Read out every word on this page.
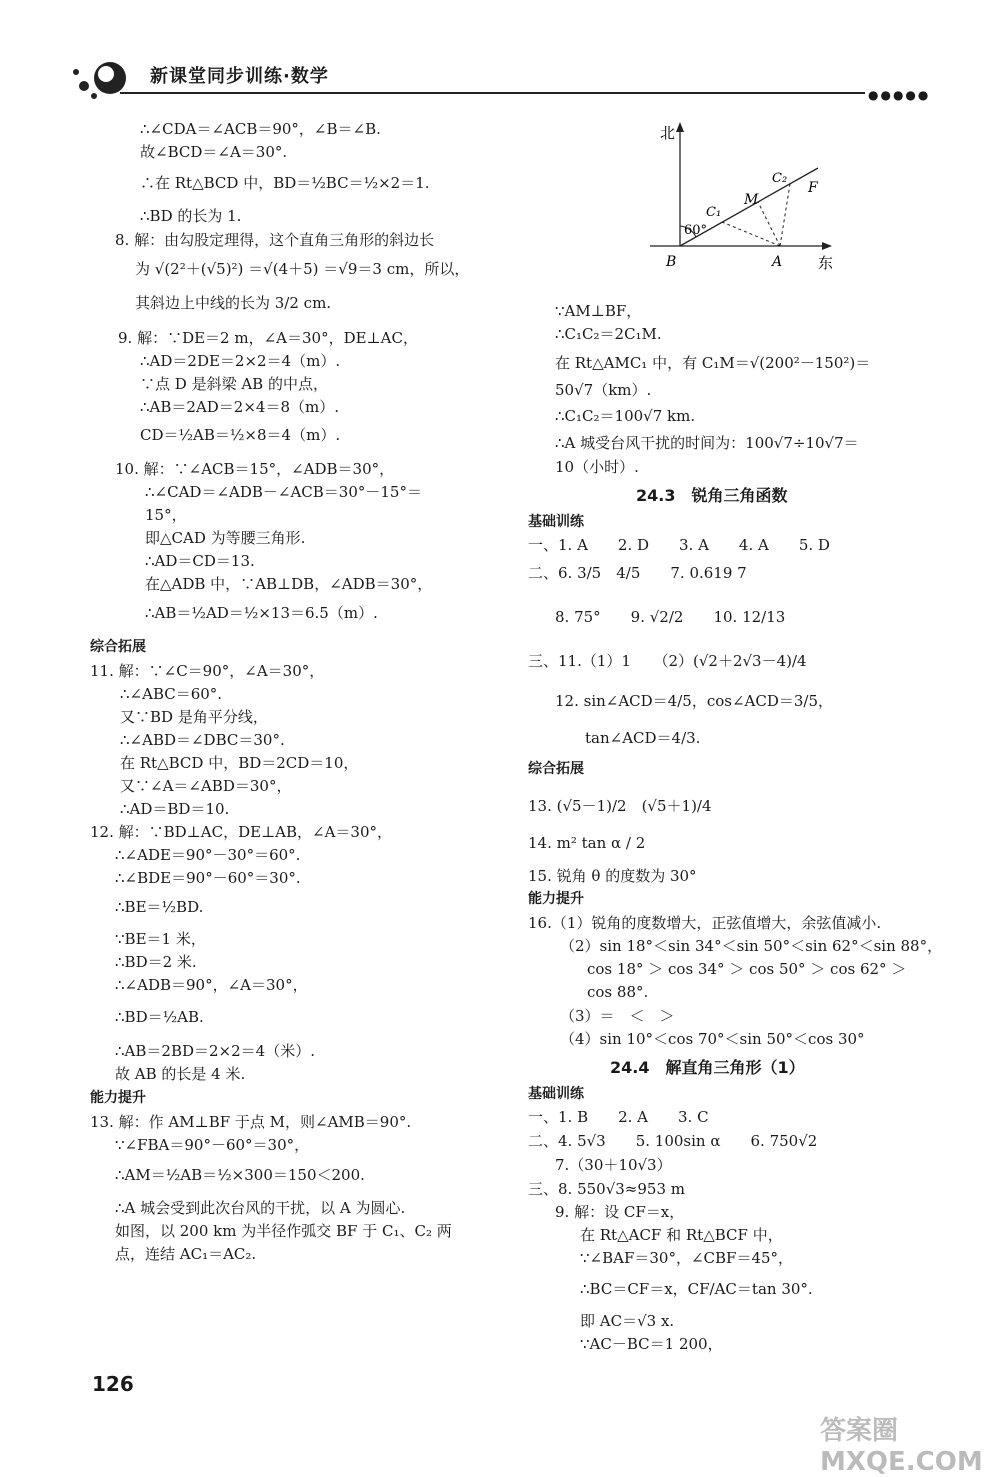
新课堂同步训练·数学
●●●●●
∴∠CDA＝∠ACB＝90°，∠B＝∠B.
故∠BCD＝∠A＝30°.
∴在 Rt△BCD 中，BD＝½BC＝½×2＝1.
∴BD 的长为 1.
8. 解：由勾股定理得，这个直角三角形的斜边长
为 √(2²＋(√5)²) ＝√(4＋5) ＝√9＝3 cm，所以，
其斜边上中线的长为 3/2 cm.
9. 解：∵DE＝2 m，∠A＝30°，DE⊥AC，
∴AD＝2DE＝2×2＝4（m）.
∵点 D 是斜梁 AB 的中点，
∴AB＝2AD＝2×4＝8（m）.
CD＝½AB＝½×8＝4（m）.
10. 解：∵∠ACB＝15°，∠ADB＝30°，
∴∠CAD＝∠ADB－∠ACB＝30°－15°＝
15°，
即△CAD 为等腰三角形.
∴AD＝CD＝13.
在△ADB 中，∵AB⊥DB，∠ADB＝30°，
∴AB＝½AD＝½×13＝6.5（m）.
综合拓展
11. 解：∵∠C＝90°，∠A＝30°，
∴∠ABC＝60°.
又∵BD 是角平分线，
∴∠ABD＝∠DBC＝30°.
在 Rt△BCD 中，BD＝2CD＝10，
又∵∠A＝∠ABD＝30°，
∴AD＝BD＝10.
12. 解：∵BD⊥AC，DE⊥AB，∠A＝30°，
∴∠ADE＝90°－30°＝60°.
∴∠BDE＝90°－60°＝30°.
∴BE＝½BD.
∵BE＝1 米，
∴BD＝2 米.
∴∠ADB＝90°，∠A＝30°，
∴BD＝½AB.
∴AB＝2BD＝2×2＝4（米）.
故 AB 的长是 4 米.
能力提升
13. 解：作 AM⊥BF 于点 M，则∠AMB＝90°.
∵∠FBA＝90°－60°＝30°，
∴AM＝½AB＝½×300＝150＜200.
∴A 城会受到此次台风的干扰，以 A 为圆心.
如图，以 200 km 为半径作弧交 BF 于 C₁、C₂ 两
点，连结 AC₁＝AC₂.
北
东
60°
B	A
M
C₁
C₂
F
∵AM⊥BF，
∴C₁C₂＝2C₁M.
在 Rt△AMC₁ 中，有 C₁M＝√(200²－150²)＝
50√7（km）.
∴C₁C₂＝100√7 km.
∴A 城受台风干扰的时间为：100√7÷10√7＝
10（小时）.
24.3　锐角三角函数
基础训练
一、1. A　　2. D　　3. A　　4. A　　5. D
二、6. 3/5　4/5　　7. 0.619 7
8. 75°　　9. √2/2　　10. 12/13
三、11.（1）1　　（2）(√2＋2√3－4)/4
12. sin∠ACD＝4/5，cos∠ACD＝3/5，
tan∠ACD＝4/3.
综合拓展
13. (√5－1)/2　(√5＋1)/4
14. m² tan α / 2
15. 锐角 θ 的度数为 30°
能力提升
16.（1）锐角的度数增大，正弦值增大，余弦值减小.
（2）sin 18°＜sin 34°＜sin 50°＜sin 62°＜sin 88°，
cos 18° ＞ cos 34° ＞ cos 50° ＞ cos 62° ＞
cos 88°.
（3）＝　＜　＞
（4）sin 10°＜cos 70°＜sin 50°＜cos 30°
24.4　解直角三角形（1）
基础训练
一、1. B　　2. A　　3. C
二、4. 5√3　　5. 100sin α　　6. 750√2
7.（30＋10√3）
三、8. 550√3≈953 m
9. 解：设 CF＝x，
在 Rt△ACF 和 Rt△BCF 中，
∵∠BAF＝30°，∠CBF＝45°，
∴BC＝CF＝x，CF/AC＝tan 30°.
即 AC＝√3 x.
∵AC－BC＝1 200，
126
答案圈 MXQE.COM
